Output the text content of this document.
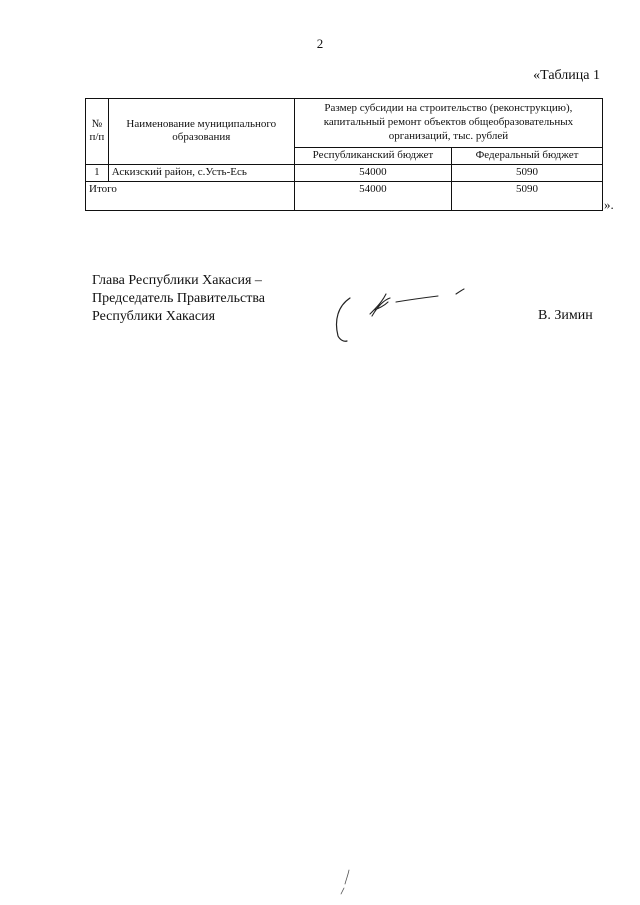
2
«Таблица 1
№
п/п	Наименование муниципального образования	Размер субсидии на строительство (реконструкцию), капитальный ремонт объектов общеобразовательных организаций, тыс. рублей	
		Республиканский бюджет	Федеральный бюджет
1	Аскизский район, с.Усть-Есь	54000	5090
Итого		54000	5090
».
Глава Республики Хакасия –
Председатель Правительства
Республики Хакасия	В. Зимин
